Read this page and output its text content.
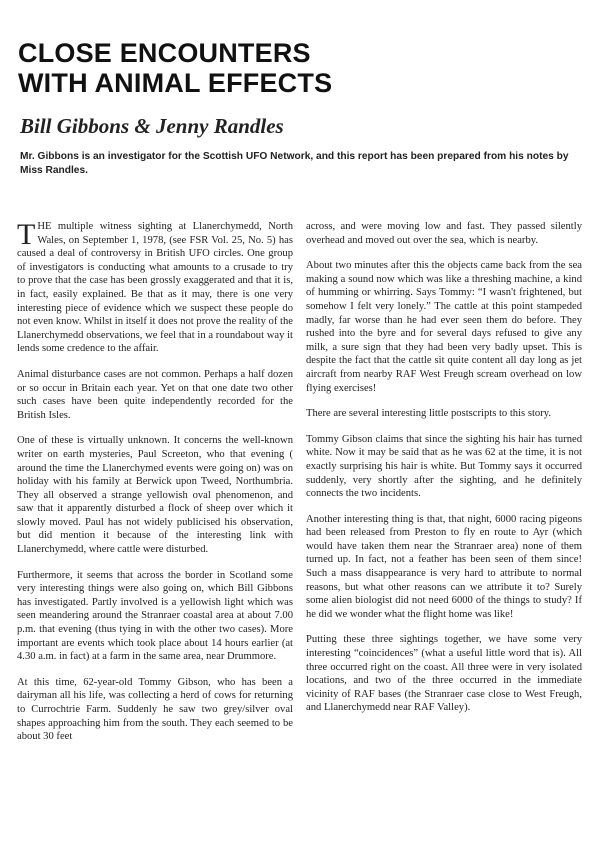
CLOSE ENCOUNTERS
WITH ANIMAL EFFECTS
Bill Gibbons & Jenny Randles

Mr. Gibbons is an investigator for the Scottish UFO Network, and this report has been prepared from his notes by Miss Randles.

THE multiple witness sighting at Llanerchymedd, North Wales, on September 1, 1978, (see FSR Vol. 25, No. 5) has caused a deal of controversy in British UFO circles. One group of investigators is conducting what amounts to a crusade to try to prove that the case has been grossly exaggerated and that it is, in fact, easily explained. Be that as it may, there is one very interesting piece of evidence which we suspect these people do not even know. Whilst in itself it does not prove the reality of the Llanerchymedd observations, we feel that in a roundabout way it lends some credence to the affair.

Animal disturbance cases are not common. Perhaps a half dozen or so occur in Britain each year. Yet on that one date two other such cases have been quite independently recorded for the British Isles.

One of these is virtually unknown. It concerns the well-known writer on earth mysteries, Paul Screeton, who that evening ( around the time the Llanerchymed events were going on) was on holiday with his family at Berwick upon Tweed, Northumbria. They all observed a strange yellowish oval phenomenon, and saw that it apparently disturbed a flock of sheep over which it slowly moved. Paul has not widely publicised his observation, but did mention it because of the interesting link with Llanerchymedd, where cattle were disturbed.

Furthermore, it seems that across the border in Scotland some very interesting things were also going on, which Bill Gibbons has investigated. Partly involved is a yellowish light which was seen meandering around the Stranraer coastal area at about 7.00 p.m. that evening (thus tying in with the other two cases). More important are events which took place about 14 hours earlier (at 4.30 a.m. in fact) at a farm in the same area, near Drummore.

At this time, 62-year-old Tommy Gibson, who has been a dairyman all his life, was collecting a herd of cows for returning to Currochtrie Farm. Suddenly he saw two grey/silver oval shapes approaching him from the south. They each seemed to be about 30 feet

across, and were moving low and fast. They passed silently overhead and moved out over the sea, which is nearby.

About two minutes after this the objects came back from the sea making a sound now which was like a threshing machine, a kind of humming or whirring. Says Tommy: “I wasn't frightened, but somehow I felt very lonely.” The cattle at this point stampeded madly, far worse than he had ever seen them do before. They rushed into the byre and for several days refused to give any milk, a sure sign that they had been very badly upset. This is despite the fact that the cattle sit quite content all day long as jet aircraft from nearby RAF West Freugh scream overhead on low flying exercises!

There are several interesting little postscripts to this story.

Tommy Gibson claims that since the sighting his hair has turned white. Now it may be said that as he was 62 at the time, it is not exactly surprising his hair is white. But Tommy says it occurred suddenly, very shortly after the sighting, and he definitely connects the two incidents.

Another interesting thing is that, that night, 6000 racing pigeons had been released from Preston to fly en route to Ayr (which would have taken them near the Stranraer area) none of them turned up. In fact, not a feather has been seen of them since! Such a mass disappearance is very hard to attribute to normal reasons, but what other reasons can we attribute it to? Surely some alien biologist did not need 6000 of the things to study? If he did we wonder what the flight home was like!

Putting these three sightings together, we have some very interesting “coincidences” (what a useful little word that is). All three occurred right on the coast. All three were in very isolated locations, and two of the three occurred in the immediate vicinity of RAF bases (the Stranraer case close to West Freugh, and Llanerchymedd near RAF Valley).
